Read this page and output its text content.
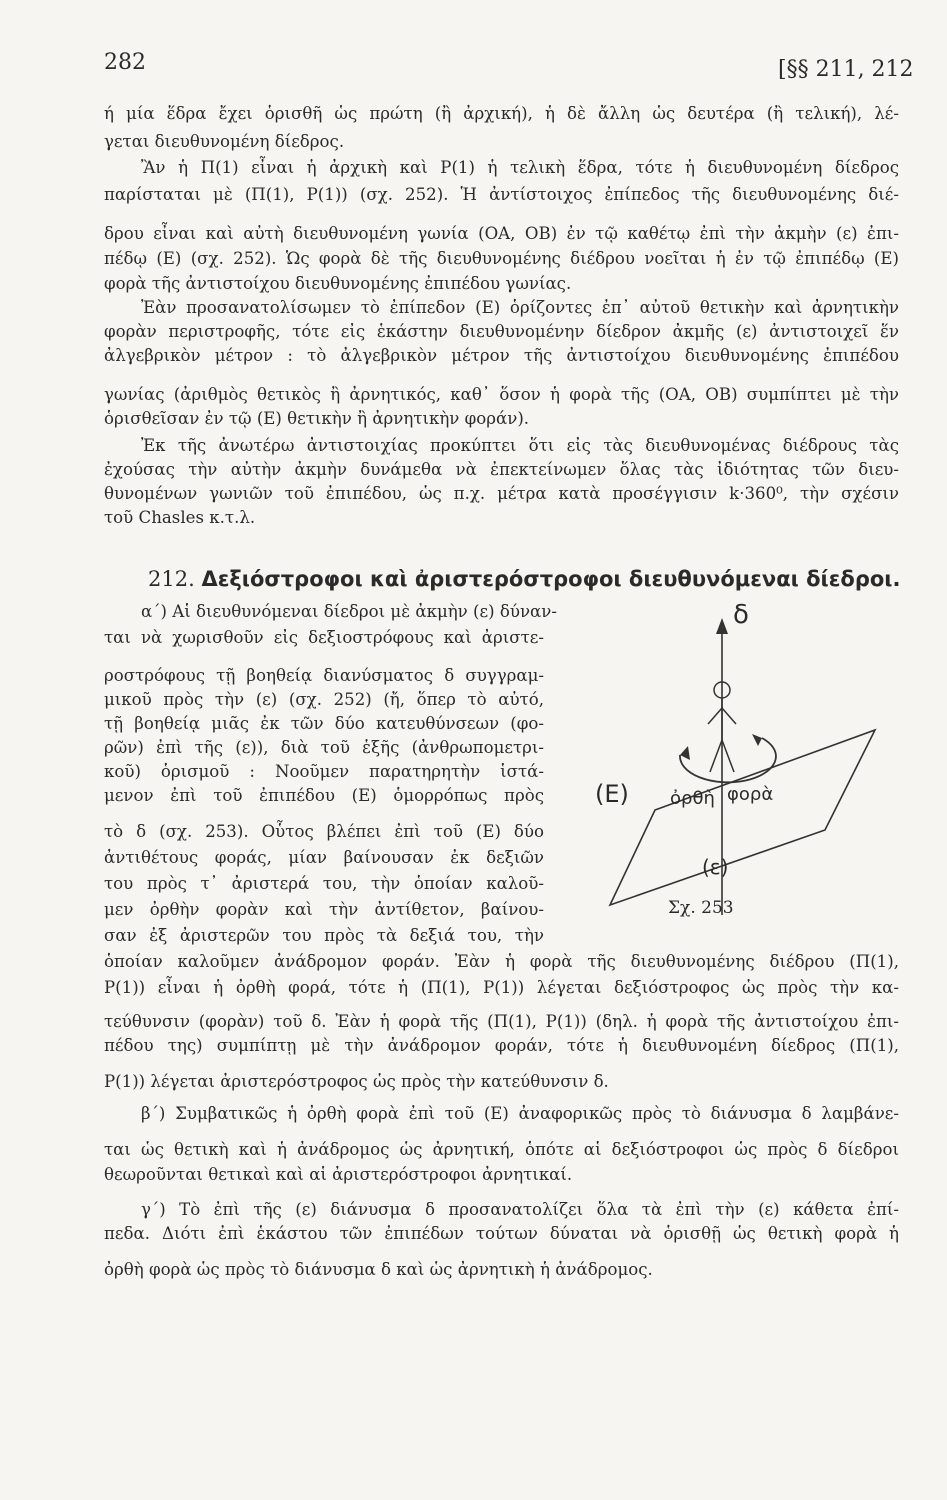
282	[§§ 211, 212

ή μία ἕδρα ἔχει ὁρισθῆ ὡς πρώτη (ἢ ἀρχική), ἡ δὲ ἄλλη ὡς δευτέρα (ἢ τελική), λέ-
γεται διευθυνομένη δίεδρος.
Ἂν ἡ Π(1) εἶναι ἡ ἀρχικὴ καὶ Ρ(1) ἡ τελικὴ ἕδρα, τότε ἡ διευθυνομένη δίεδρος
παρίσταται μὲ (Π(1), Ρ(1)) (σχ. 252). Ἡ ἀντίστοιχος ἐπίπεδος τῆς διευθυνομένης διέ-
δρου εἶναι καὶ αὐτὴ διευθυνομένη γωνία (ΟΑ, ΟΒ) ἐν τῷ καθέτῳ ἐπὶ τὴν ἀκμὴν (ε) ἐπι-
πέδῳ (Ε) (σχ. 252). Ὡς φορὰ δὲ τῆς διευθυνομένης διέδρου νοεῖται ἡ ἐν τῷ ἐπιπέδῳ (Ε)
φορὰ τῆς ἀντιστοίχου διευθυνομένης ἐπιπέδου γωνίας.
Ἐὰν προσανατολίσωμεν τὸ ἐπίπεδον (Ε) ὁρίζοντες ἐπ᾽ αὐτοῦ θετικὴν καὶ ἀρνητικὴν
φορὰν περιστροφῆς, τότε εἰς ἑκάστην διευθυνομένην δίεδρον ἀκμῆς (ε) ἀντιστοιχεῖ ἕν
ἀλγεβρικὸν μέτρον : τὸ ἀλγεβρικὸν μέτρον τῆς ἀντιστοίχου διευθυνομένης ἐπιπέδου
γωνίας (ἀριθμὸς θετικὸς ἢ ἀρνητικός, καθ᾽ ὅσον ἡ φορὰ τῆς (ΟΑ, ΟΒ) συμπίπτει μὲ τὴν
ὁρισθεῖσαν ἐν τῷ (Ε) θετικὴν ἢ ἀρνητικὴν φοράν).
Ἐκ τῆς ἀνωτέρω ἀντιστοιχίας προκύπτει ὅτι εἰς τὰς διευθυνομένας διέδρους τὰς
ἐχούσας τὴν αὐτὴν ἀκμὴν δυνάμεθα νὰ ἐπεκτείνωμεν ὅλας τὰς ἰδιότητας τῶν διευ-
θυνομένων γωνιῶν τοῦ ἐπιπέδου, ὡς π.χ. μέτρα κατὰ προσέγγισιν k·360⁰, τὴν σχέσιν
τοῦ Chasles κ.τ.λ.
212. Δεξιόστροφοι καὶ ἀριστερόστροφοι διευθυνόμεναι δίεδροι.
α΄) Αἱ διευθυνόμεναι δίεδροι μὲ ἀκμὴν (ε) δύναν-
ται νὰ χωρισθοῦν εἰς δεξιοστρόφους καὶ ἀριστε-
ροστρόφους τῇ βοηθείᾳ διανύσματος δ συγγραμ-
μικοῦ πρὸς τὴν (ε) (σχ. 252) (ἤ, ὅπερ τὸ αὐτό,
τῇ βοηθείᾳ μιᾶς ἐκ τῶν δύο κατευθύνσεων (φο-
ρῶν) ἐπὶ τῆς (ε)), διὰ τοῦ ἑξῆς (ἀνθρωπομετρι-
κοῦ) ὁρισμοῦ : Νοοῦμεν παρατηρητὴν ἱστά-
μενον ἐπὶ τοῦ ἐπιπέδου (Ε) ὁμορρόπως πρὸς
τὸ δ (σχ. 253). Οὗτος βλέπει ἐπὶ τοῦ (Ε) δύο
ἀντιθέτους φοράς, μίαν βαίνουσαν ἐκ δεξιῶν
του πρὸς τ᾽ ἀριστερά του, τὴν ὁποίαν καλοῦ-
μεν ὀρθὴν φορὰν καὶ τὴν ἀντίθετον, βαίνου-
σαν ἐξ ἀριστερῶν του πρὸς τὰ δεξιά του, τὴν
δ
(Ε) ὀρθὴ φορὰ
(ε)
Σχ. 253
ὁποίαν καλοῦμεν ἀνάδρομον φοράν. Ἐὰν ἡ φορὰ τῆς διευθυνομένης διέδρου (Π(1),
Ρ(1)) εἶναι ἡ ὀρθὴ φορά, τότε ἡ (Π(1), Ρ(1)) λέγεται δεξιόστροφος ὡς πρὸς τὴν κα-
τεύθυνσιν (φορὰν) τοῦ δ. Ἐὰν ἡ φορὰ τῆς (Π(1), Ρ(1)) (δηλ. ἡ φορὰ τῆς ἀντιστοίχου ἐπι-
πέδου της) συμπίπτῃ μὲ τὴν ἀνάδρομον φοράν, τότε ἡ διευθυνομένη δίεδρος (Π(1),
Ρ(1)) λέγεται ἀριστερόστροφος ὡς πρὸς τὴν κατεύθυνσιν δ.
β΄) Συμβατικῶς ἡ ὀρθὴ φορὰ ἐπὶ τοῦ (Ε) ἀναφορικῶς πρὸς τὸ διάνυσμα δ λαμβάνε-
ται ὡς θετικὴ καὶ ἡ ἀνάδρομος ὡς ἀρνητική, ὁπότε αἱ δεξιόστροφοι ὡς πρὸς δ δίεδροι
θεωροῦνται θετικαὶ καὶ αἱ ἀριστερόστροφοι ἀρνητικαί.
γ΄) Τὸ ἐπὶ τῆς (ε) διάνυσμα δ προσανατολίζει ὅλα τὰ ἐπὶ τὴν (ε) κάθετα ἐπί-
πεδα. Διότι ἐπὶ ἑκάστου τῶν ἐπιπέδων τούτων δύναται νὰ ὁρισθῇ ὡς θετικὴ φορὰ ἡ
ὀρθὴ φορὰ ὡς πρὸς τὸ διάνυσμα δ καὶ ὡς ἀρνητικὴ ἡ ἀνάδρομος.
